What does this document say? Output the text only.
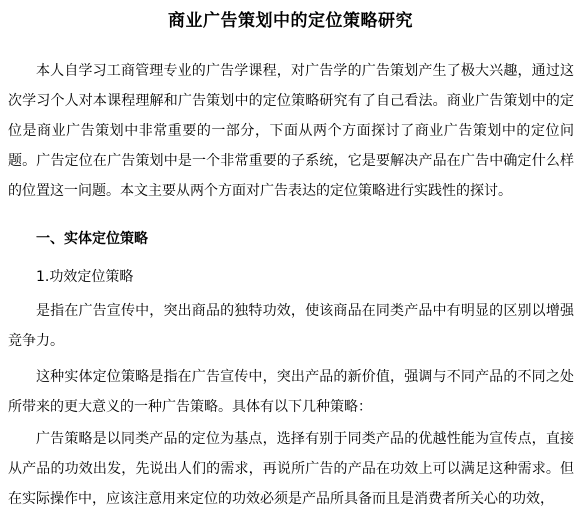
商业广告策划中的定位策略研究

本人自学习工商管理专业的广告学课程，对广告学的广告策划产生了极大兴趣，通过这次学习个人对本课程理解和广告策划中的定位策略研究有了自己看法。商业广告策划中的定位是商业广告策划中非常重要的一部分，下面从两个方面探讨了商业广告策划中的定位问题。广告定位在广告策划中是一个非常重要的子系统，它是要解决产品在广告中确定什么样的位置这一问题。本文主要从两个方面对广告表达的定位策略进行实践性的探讨。

一、实体定位策略

1.功效定位策略

是指在广告宣传中，突出商品的独特功效，使该商品在同类产品中有明显的区别以增强竞争力。

这种实体定位策略是指在广告宣传中，突出产品的新价值，强调与不同产品的不同之处所带来的更大意义的一种广告策略。具体有以下几种策略：

广告策略是以同类产品的定位为基点，选择有别于同类产品的优越性能为宣传点，直接从产品的功效出发，先说出人们的需求，再说所广告的产品在功效上可以满足这种需求。但在实际操作中，应该注意用来定位的功效必须是产品所具备而且是消费者所关心的功效，
